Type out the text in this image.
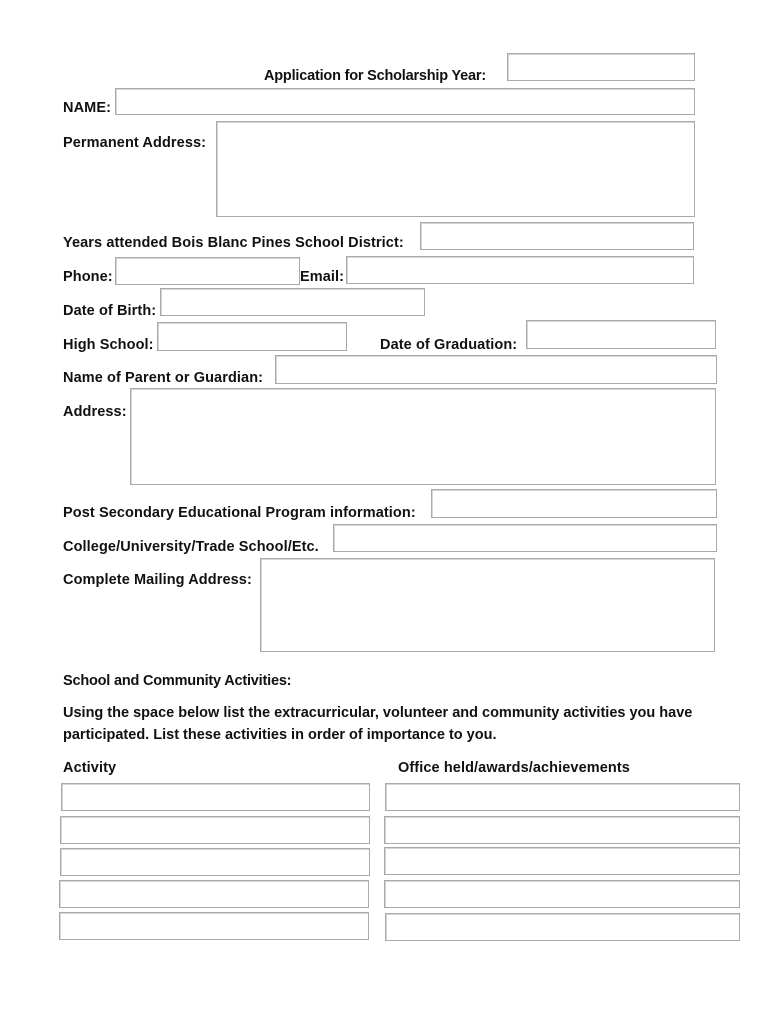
Application for Scholarship Year:
NAME:
Permanent Address:
Years attended Bois Blanc Pines School District:
Phone:	Email:
Date of Birth:
High School:	Date of Graduation:
Name of Parent or Guardian:
Address:
Post Secondary Educational Program information:
College/University/Trade School/Etc.
Complete Mailing Address:
School and Community Activities:
Using the space below list the extracurricular, volunteer and community activities you have participated. List these activities in order of importance to you.
Activity	Office held/awards/achievements
